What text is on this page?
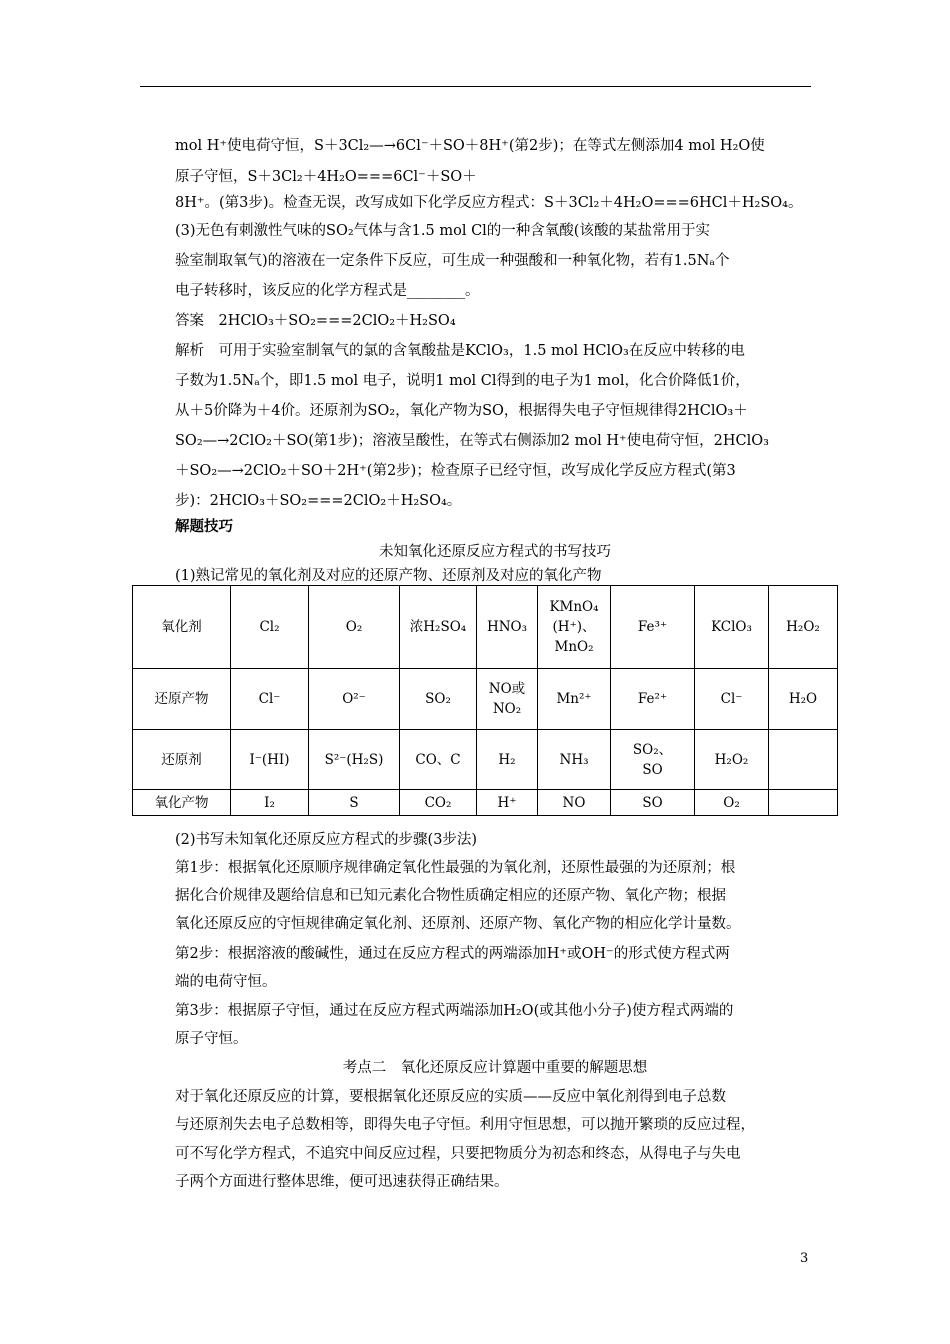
mol H⁺使电荷守恒，S＋3Cl₂—→6Cl⁻＋SO＋8H⁺(第2步)；在等式左侧添加4 mol H₂O使
原子守恒，S＋3Cl₂＋4H₂O===6Cl⁻＋SO＋
8H⁺。(第3步)。检查无误，改写成如下化学反应方程式：S＋3Cl₂＋4H₂O===6HCl＋H₂SO₄。
(3)无色有刺激性气味的SO₂气体与含1.5 mol Cl的一种含氧酸(该酸的某盐常用于实
验室制取氧气)的溶液在一定条件下反应，可生成一种强酸和一种氧化物，若有1.5Nₐ个
电子转移时，该反应的化学方程式是________。
答案　2HClO₃＋SO₂===2ClO₂＋H₂SO₄
解析　可用于实验室制氧气的氯的含氧酸盐是KClO₃，1.5 mol HClO₃在反应中转移的电
子数为1.5Nₐ个，即1.5 mol 电子，说明1 mol Cl得到的电子为1 mol，化合价降低1价，
从＋5价降为＋4价。还原剂为SO₂，氧化产物为SO，根据得失电子守恒规律得2HClO₃＋
SO₂—→2ClO₂＋SO(第1步)；溶液呈酸性，在等式右侧添加2 mol H⁺使电荷守恒，2HClO₃
＋SO₂—→2ClO₂＋SO＋2H⁺(第2步)；检查原子已经守恒，改写成化学反应方程式(第3
步)：2HClO₃＋SO₂===2ClO₂＋H₂SO₄。
解题技巧
未知氧化还原反应方程式的书写技巧
(1)熟记常见的氧化剂及对应的还原产物、还原剂及对应的氧化产物
氧化剂	Cl₂	O₂	浓H₂SO₄	HNO₃	KMnO₄
(H⁺)、
MnO₂	Fe³⁺	KClO₃	H₂O₂
还原产物	Cl⁻	O²⁻	SO₂	NO或
NO₂	Mn²⁺	Fe²⁺	Cl⁻	H₂O
还原剂	I⁻(HI)	S²⁻(H₂S)	CO、C	H₂	NH₃	SO₂、
SO	H₂O₂	
氧化产物	I₂	S	CO₂	H⁺	NO	SO	O₂	
(2)书写未知氧化还原反应方程式的步骤(3步法)
第1步：根据氧化还原顺序规律确定氧化性最强的为氧化剂，还原性最强的为还原剂；根
据化合价规律及题给信息和已知元素化合物性质确定相应的还原产物、氧化产物；根据
氧化还原反应的守恒规律确定氧化剂、还原剂、还原产物、氧化产物的相应化学计量数。
第2步：根据溶液的酸碱性，通过在反应方程式的两端添加H⁺或OH⁻的形式使方程式两
端的电荷守恒。
第3步：根据原子守恒，通过在反应方程式两端添加H₂O(或其他小分子)使方程式两端的
原子守恒。
考点二　氧化还原反应计算题中重要的解题思想
对于氧化还原反应的计算，要根据氧化还原反应的实质——反应中氧化剂得到电子总数
与还原剂失去电子总数相等，即得失电子守恒。利用守恒思想，可以抛开繁琐的反应过程，
可不写化学方程式，不追究中间反应过程，只要把物质分为初态和终态，从得电子与失电
子两个方面进行整体思维，便可迅速获得正确结果。
3
